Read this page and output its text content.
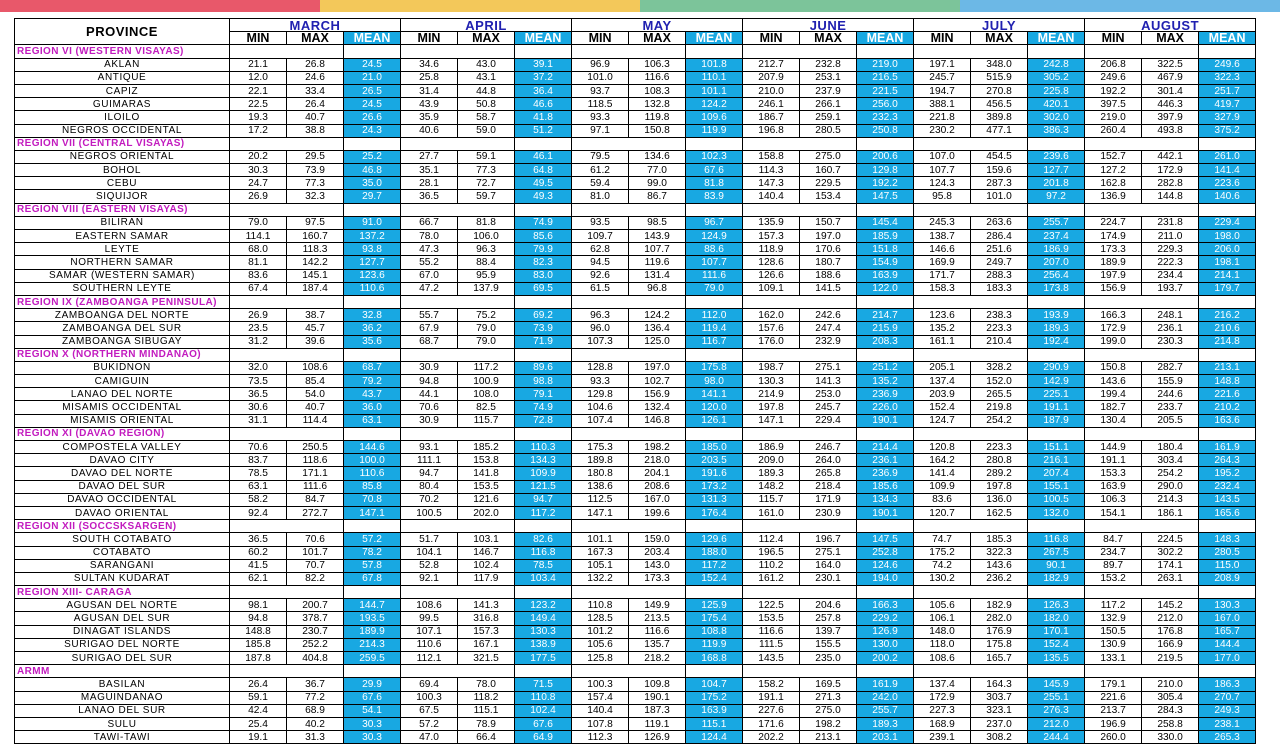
PROVINCE	MARCH			APRIL			MAY			JUNE			JULY			AUGUST		
	MIN	MAX	MEAN	MIN	MAX	MEAN	MIN	MAX	MEAN	MIN	MAX	MEAN	MIN	MAX	MEAN	MIN	MAX	MEAN
REGION VI (WESTERN VISAYAS)																		
AKLAN	21.1	26.8	24.5	34.6	43.0	39.1	96.9	106.3	101.8	212.7	232.8	219.0	197.1	348.0	242.8	206.8	322.5	249.6
ANTIQUE	12.0	24.6	21.0	25.8	43.1	37.2	101.0	116.6	110.1	207.9	253.1	216.5	245.7	515.9	305.2	249.6	467.9	322.3
CAPIZ	22.1	33.4	26.5	31.4	44.8	36.4	93.7	108.3	101.1	210.0	237.9	221.5	194.7	270.8	225.8	192.2	301.4	251.7
GUIMARAS	22.5	26.4	24.5	43.9	50.8	46.6	118.5	132.8	124.2	246.1	266.1	256.0	388.1	456.5	420.1	397.5	446.3	419.7
ILOILO	19.3	40.7	26.6	35.9	58.7	41.8	93.3	119.8	109.6	186.7	259.1	232.3	221.8	389.8	302.0	219.0	397.9	327.9
NEGROS OCCIDENTAL	17.2	38.8	24.3	40.6	59.0	51.2	97.1	150.8	119.9	196.8	280.5	250.8	230.2	477.1	386.3	260.4	493.8	375.2
REGION VII (CENTRAL VISAYAS)																		
NEGROS ORIENTAL	20.2	29.5	25.2	27.7	59.1	46.1	79.5	134.6	102.3	158.8	275.0	200.6	107.0	454.5	239.6	152.7	442.1	261.0
BOHOL	30.3	73.9	46.8	35.1	77.3	64.8	61.2	77.0	67.6	114.3	160.7	129.8	107.7	159.6	127.7	127.2	172.9	141.4
CEBU	24.7	77.3	35.0	28.1	72.7	49.5	59.4	99.0	81.8	147.3	229.5	192.2	124.3	287.3	201.8	162.8	282.8	223.6
SIQUIJOR	26.9	32.3	29.7	36.5	59.7	49.3	81.0	86.7	83.9	140.4	153.4	147.5	95.8	101.0	97.2	136.9	144.8	140.6
REGION VIII (EASTERN VISAYAS)																		
BILIRAN	79.0	97.5	91.0	66.7	81.8	74.9	93.5	98.5	96.7	135.9	150.7	145.4	245.3	263.6	255.7	224.7	231.8	229.4
EASTERN SAMAR	114.1	160.7	137.2	78.0	106.0	85.6	109.7	143.9	124.9	157.3	197.0	185.9	138.7	286.4	237.4	174.9	211.0	198.0
LEYTE	68.0	118.3	93.8	47.3	96.3	79.9	62.8	107.7	88.6	118.9	170.6	151.8	146.6	251.6	186.9	173.3	229.3	206.0
NORTHERN SAMAR	81.1	142.2	127.7	55.2	88.4	82.3	94.5	119.6	107.7	128.6	180.7	154.9	169.9	249.7	207.0	189.9	222.3	198.1
SAMAR (WESTERN SAMAR)	83.6	145.1	123.6	67.0	95.9	83.0	92.6	131.4	111.6	126.6	188.6	163.9	171.7	288.3	256.4	197.9	234.4	214.1
SOUTHERN LEYTE	67.4	187.4	110.6	47.2	137.9	69.5	61.5	96.8	79.0	109.1	141.5	122.0	158.3	183.3	173.8	156.9	193.7	179.7
REGION IX (ZAMBOANGA PENINSULA)																		
ZAMBOANGA DEL NORTE	26.9	38.7	32.8	55.7	75.2	69.2	96.3	124.2	112.0	162.0	242.6	214.7	123.6	238.3	193.9	166.3	248.1	216.2
ZAMBOANGA DEL SUR	23.5	45.7	36.2	67.9	79.0	73.9	96.0	136.4	119.4	157.6	247.4	215.9	135.2	223.3	189.3	172.9	236.1	210.6
ZAMBOANGA SIBUGAY	31.2	39.6	35.6	68.7	79.0	71.9	107.3	125.0	116.7	176.0	232.9	208.3	161.1	210.4	192.4	199.0	230.3	214.8
REGION X (NORTHERN MINDANAO)																		
BUKIDNON	32.0	108.6	68.7	30.9	117.2	89.6	128.8	197.0	175.8	198.7	275.1	251.2	205.1	328.2	290.9	150.8	282.7	213.1
CAMIGUIN	73.5	85.4	79.2	94.8	100.9	98.8	93.3	102.7	98.0	130.3	141.3	135.2	137.4	152.0	142.9	143.6	155.9	148.8
LANAO DEL NORTE	36.5	54.0	43.7	44.1	108.0	79.1	129.8	156.9	141.1	214.9	253.0	236.9	203.9	265.5	225.1	199.4	244.6	221.6
MISAMIS OCCIDENTAL	30.6	40.7	36.0	70.6	82.5	74.9	104.6	132.4	120.0	197.8	245.7	226.0	152.4	219.8	191.1	182.7	233.7	210.2
MISAMIS ORIENTAL	31.1	114.4	63.1	30.9	115.7	72.8	107.4	146.8	126.1	147.1	229.4	190.1	124.7	254.2	187.9	130.4	205.5	163.6
REGION XI (DAVAO REGION)																		
COMPOSTELA VALLEY	70.6	250.5	144.6	93.1	185.2	110.3	175.3	198.2	185.0	186.9	246.7	214.4	120.8	223.3	151.1	144.9	180.4	161.9
DAVAO CITY	83.7	118.6	100.0	111.1	153.8	134.3	189.8	218.0	203.5	209.0	264.0	236.1	164.2	280.8	216.1	191.1	303.4	264.3
DAVAO DEL NORTE	78.5	171.1	110.6	94.7	141.8	109.9	180.8	204.1	191.6	189.3	265.8	236.9	141.4	289.2	207.4	153.3	254.2	195.2
DAVAO DEL SUR	63.1	111.6	85.8	80.4	153.5	121.5	138.6	208.6	173.2	148.2	218.4	185.6	109.9	197.8	155.1	163.9	290.0	232.4
DAVAO OCCIDENTAL	58.2	84.7	70.8	70.2	121.6	94.7	112.5	167.0	131.3	115.7	171.9	134.3	83.6	136.0	100.5	106.3	214.3	143.5
DAVAO ORIENTAL	92.4	272.7	147.1	100.5	202.0	117.2	147.1	199.6	176.4	161.0	230.9	190.1	120.7	162.5	132.0	154.1	186.1	165.6
REGION XII (SOCCSKSARGEN)																		
SOUTH COTABATO	36.5	70.6	57.2	51.7	103.1	82.6	101.1	159.0	129.6	112.4	196.7	147.5	74.7	185.3	116.8	84.7	224.5	148.3
COTABATO	60.2	101.7	78.2	104.1	146.7	116.8	167.3	203.4	188.0	196.5	275.1	252.8	175.2	322.3	267.5	234.7	302.2	280.5
SARANGANI	41.5	70.7	57.8	52.8	102.4	78.5	105.1	143.0	117.2	110.2	164.0	124.6	74.2	143.6	90.1	89.7	174.1	115.0
SULTAN KUDARAT	62.1	82.2	67.8	92.1	117.9	103.4	132.2	173.3	152.4	161.2	230.1	194.0	130.2	236.2	182.9	153.2	263.1	208.9
REGION XIII- CARAGA																		
AGUSAN DEL NORTE	98.1	200.7	144.7	108.6	141.3	123.2	110.8	149.9	125.9	122.5	204.6	166.3	105.6	182.9	126.3	117.2	145.2	130.3
AGUSAN DEL SUR	94.8	378.7	193.5	99.5	316.8	149.4	128.5	213.5	175.4	153.5	257.8	229.2	106.1	282.0	182.0	132.9	212.0	167.0
DINAGAT ISLANDS	148.8	230.7	189.9	107.1	157.3	130.3	101.2	116.6	108.8	116.6	139.7	126.9	148.0	176.9	170.1	150.5	176.8	165.7
SURIGAO DEL NORTE	185.8	252.2	214.3	110.6	167.1	138.9	105.6	135.7	119.9	111.5	155.5	130.0	118.0	175.8	152.4	130.9	166.9	144.4
SURIGAO DEL SUR	187.8	404.8	259.5	112.1	321.5	177.5	125.8	218.2	168.8	143.5	235.0	200.2	108.6	165.7	135.5	133.1	219.5	177.0
ARMM																		
BASILAN	26.4	36.7	29.9	69.4	78.0	71.5	100.3	109.8	104.7	158.2	169.5	161.9	137.4	164.3	145.9	179.1	210.0	186.3
MAGUINDANAO	59.1	77.2	67.6	100.3	118.2	110.8	157.4	190.1	175.2	191.1	271.3	242.0	172.9	303.7	255.1	221.6	305.4	270.7
LANAO DEL SUR	42.4	68.9	54.1	67.5	115.1	102.4	140.4	187.3	163.9	227.6	275.0	255.7	227.3	323.1	276.3	213.7	284.3	249.3
SULU	25.4	40.2	30.3	57.2	78.9	67.6	107.8	119.1	115.1	171.6	198.2	189.3	168.9	237.0	212.0	196.9	258.8	238.1
TAWI-TAWI	19.1	31.3	30.3	47.0	66.4	64.9	112.3	126.9	124.4	202.2	213.1	203.1	239.1	308.2	244.4	260.0	330.0	265.3
